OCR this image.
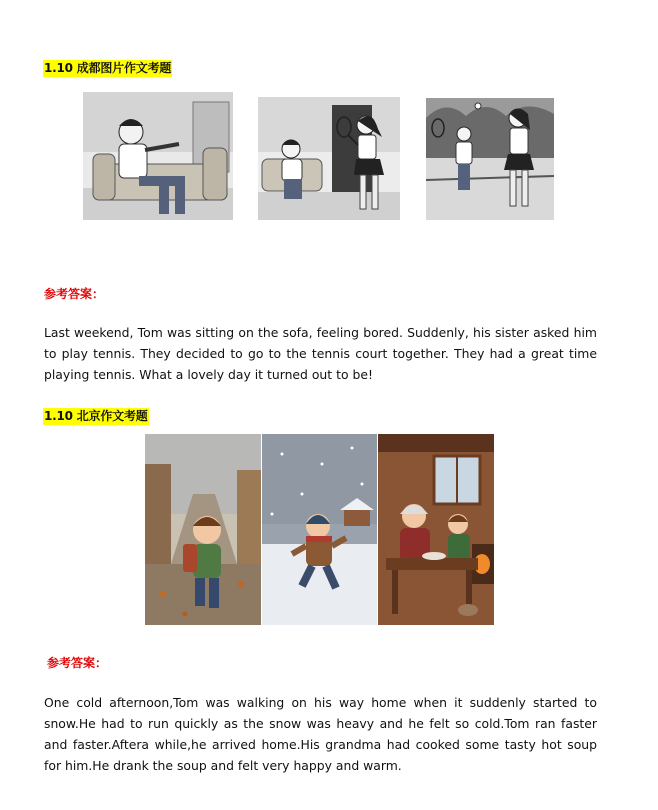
1.10 成都图片作文考题
参考答案：

Last weekend, Tom was sitting on the sofa, feeling bored. Suddenly, his sister asked him to play tennis. They decided to go to the tennis court together. They had a great time playing tennis. What a lovely day it turned out to be!

1.10 北京作文考题
参考答案：

One cold afternoon,Tom was walking on his way home when it suddenly started to snow.He had to run quickly as the snow was heavy and he felt so cold.Tom ran faster and faster.Aftera while,he arrived home.His grandma had cooked some tasty hot soup for him.He drank the soup and felt very happy and warm.
